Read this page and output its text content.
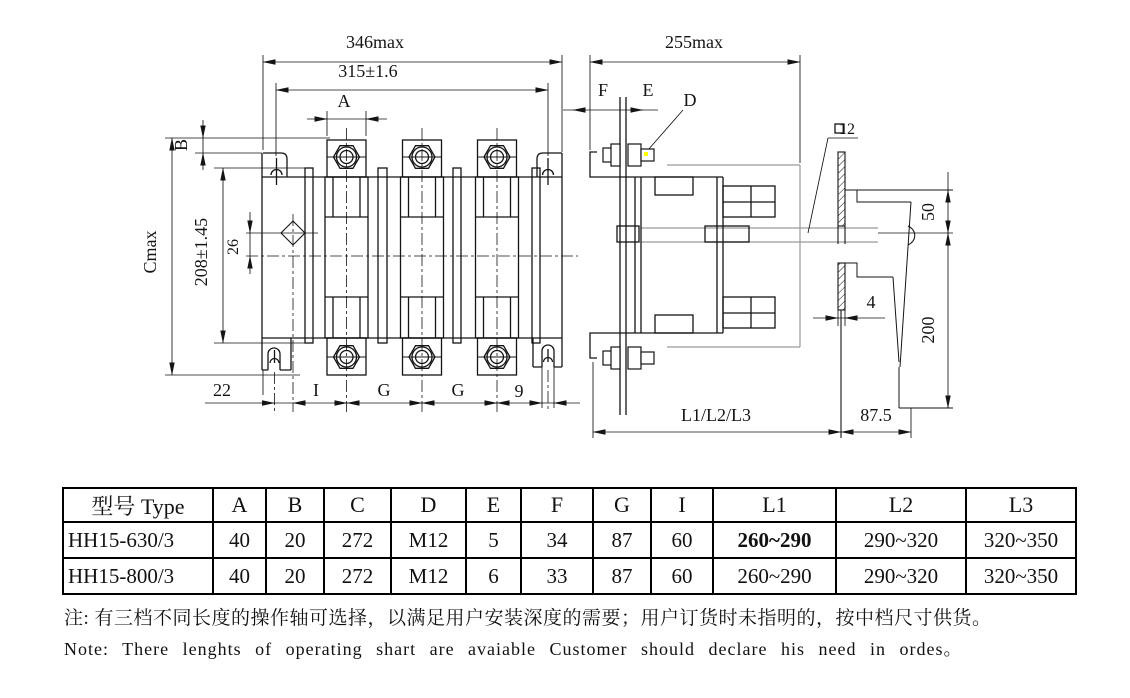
346max
315±1.6
A
B
Cmax 208±1.45 26
22	I	G	G	9
255max
F E D
12
50
200
4
L1/L2/L3	87.5
型号 Type	A	B	C	D	E	F	G	I	L1	L2	L3
HH15-630/3	40	20	272	M12	5	34	87	60	260~290	290~320	320~350
HH15-800/3	40	20	272	M12	6	33	87	60	260~290	290~320	320~350
注: 有三档不同长度的操作轴可选择，以满足用户安装深度的需要；用户订货时未指明的，按中档尺寸供货。
Note: There lenghts of operating shart are avaiable Customer should declare his need in ordes。
